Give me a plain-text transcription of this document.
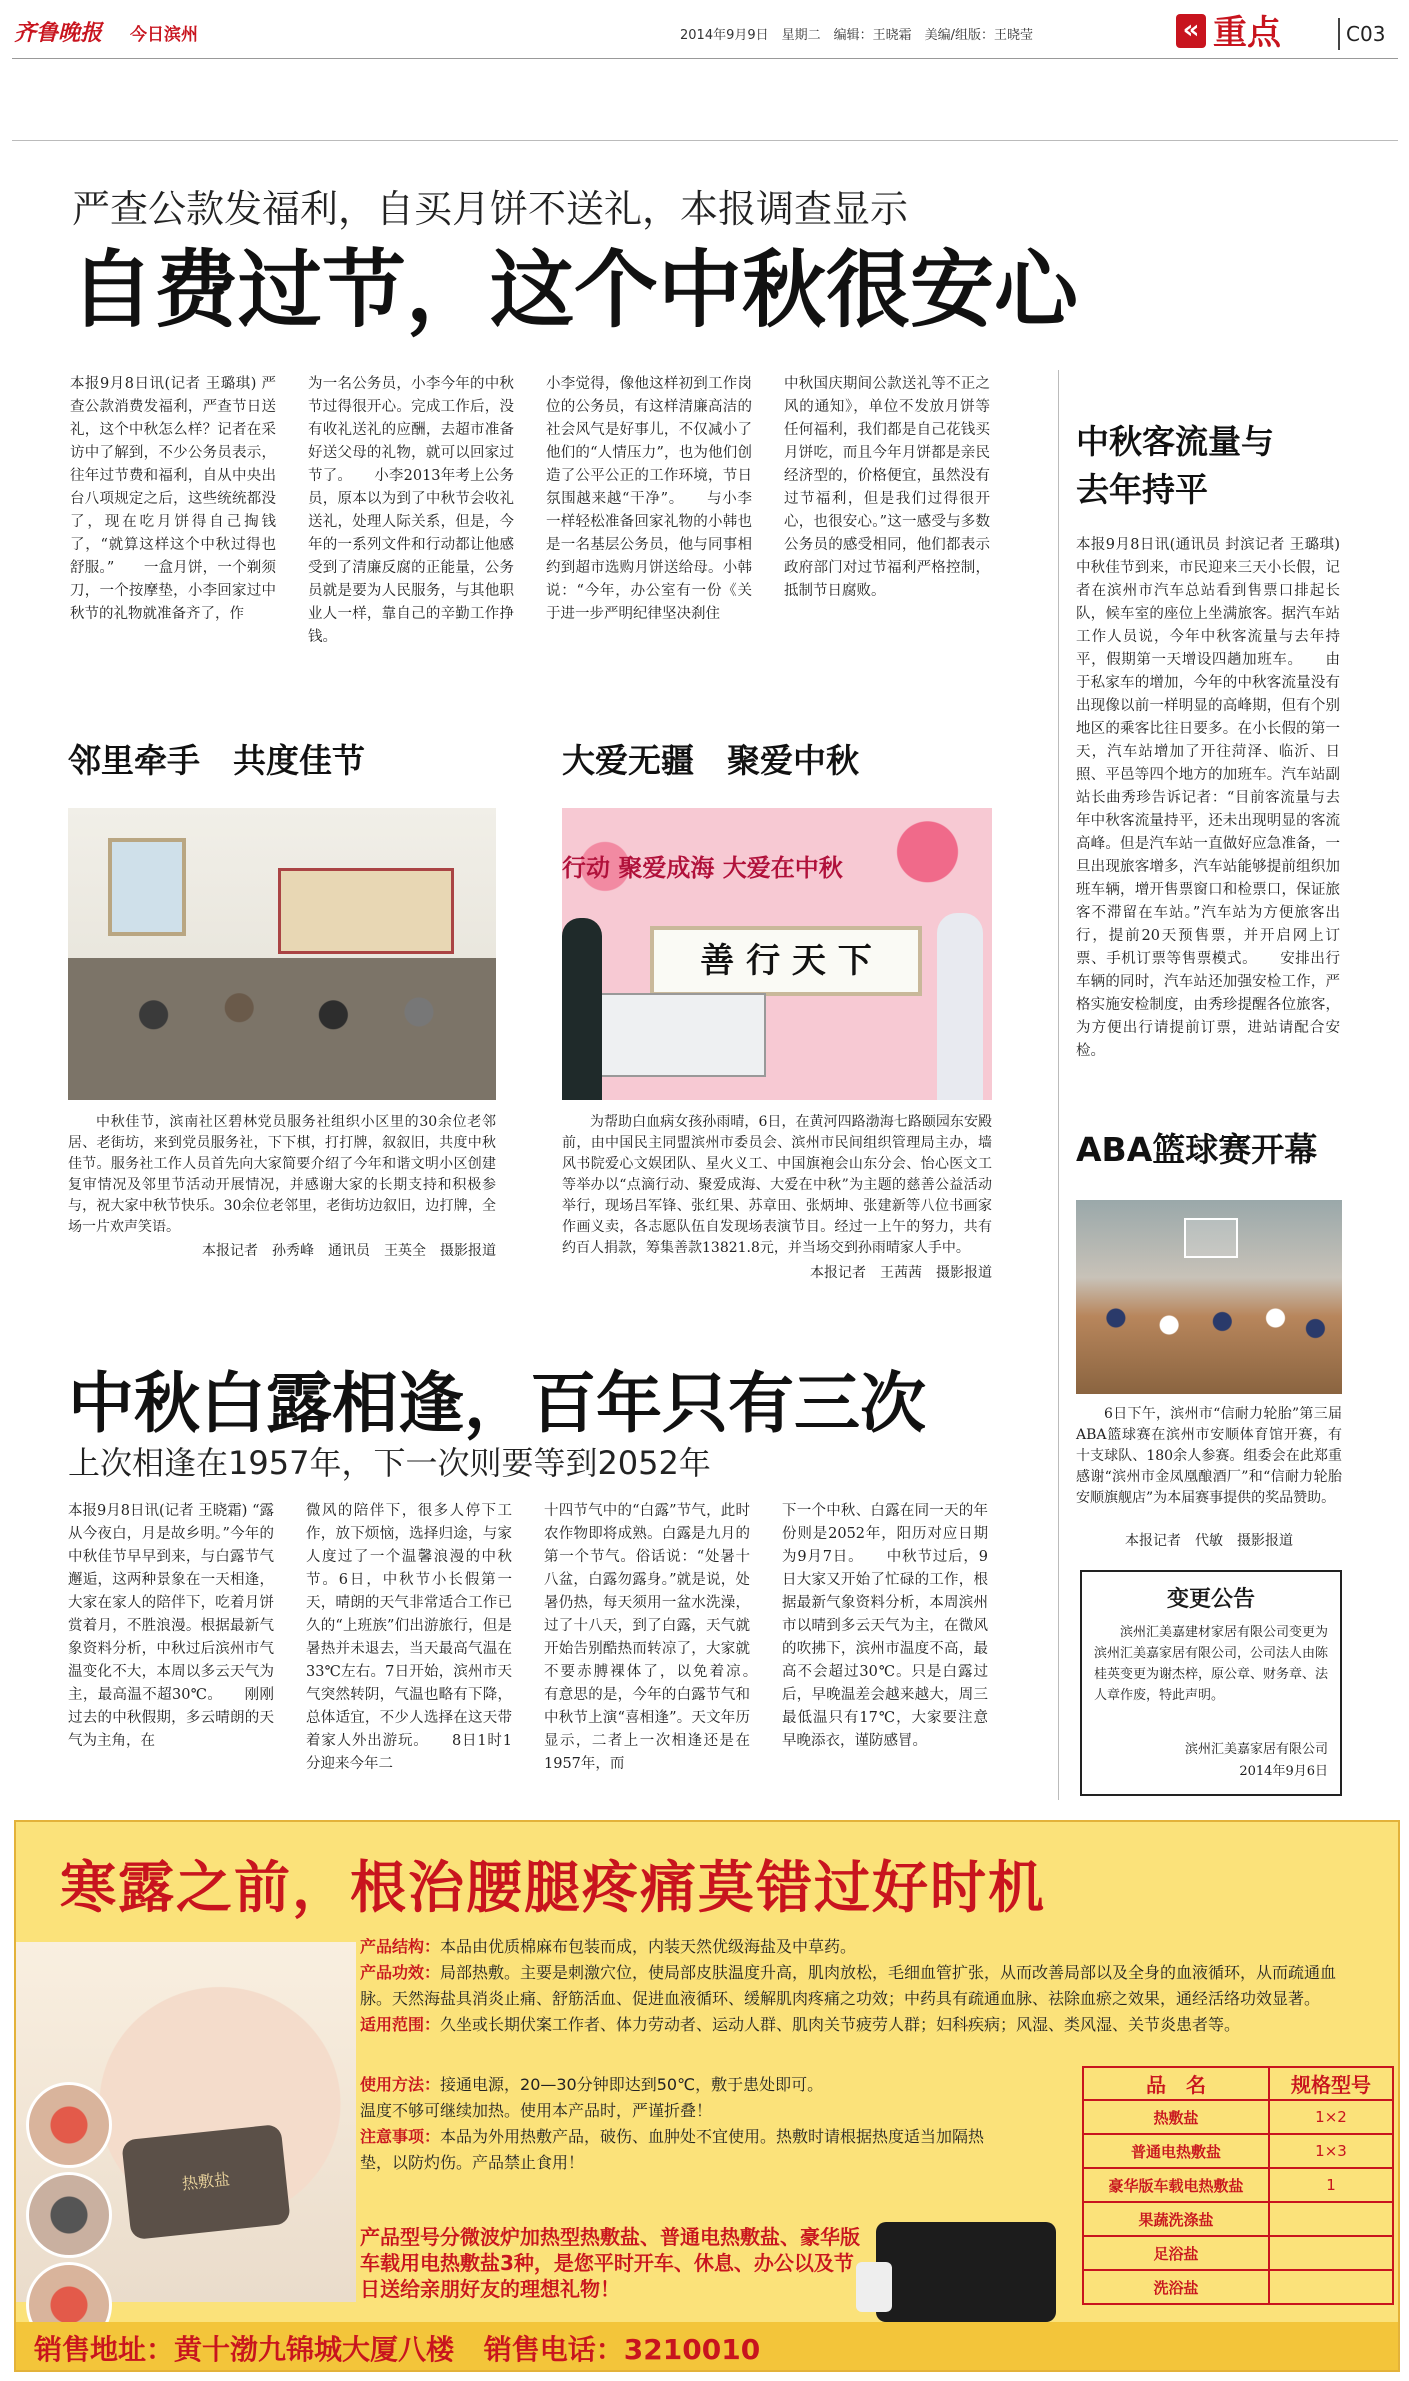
齐鲁晚报 今日滨州	2014年9月9日　星期二　编辑：王晓霜　美编/组版：王晓莹	« 重点	C03
严查公款发福利，自买月饼不送礼，本报调查显示
自费过节，这个中秋很安心
本报9月8日讯(记者 王璐琪) 严查公款消费发福利，严查节日送礼，这个中秋怎么样？记者在采访中了解到，不少公务员表示，往年过节费和福利，自从中央出台八项规定之后，这些统统都没了，现在吃月饼得自己掏钱了，“就算这样这个中秋过得也舒服。”　　一盒月饼，一个剃须刀，一个按摩垫，小李回家过中秋节的礼物就准备齐了，作
为一名公务员，小李今年的中秋节过得很开心。完成工作后，没有收礼送礼的应酬，去超市准备好送父母的礼物，就可以回家过节了。　　小李2013年考上公务员，原本以为到了中秋节会收礼送礼，处理人际关系，但是，今年的一系列文件和行动都让他感受到了清廉反腐的正能量，公务员就是要为人民服务，与其他职业人一样，靠自己的辛勤工作挣钱。
小李觉得，像他这样初到工作岗位的公务员，有这样清廉高洁的社会风气是好事儿，不仅减小了他们的“人情压力”，也为他们创造了公平公正的工作环境，节日氛围越来越“干净”。　　与小李一样轻松准备回家礼物的小韩也是一名基层公务员，他与同事相约到超市选购月饼送给母。小韩说：“今年，办公室有一份《关于进一步严明纪律坚决刹住
中秋国庆期间公款送礼等不正之风的通知》，单位不发放月饼等任何福利，我们都是自己花钱买月饼吃，而且今年月饼都是亲民经济型的，价格便宜，虽然没有过节福利，但是我们过得很开心，也很安心。”这一感受与多数公务员的感受相同，他们都表示政府部门对过节福利严格控制，抵制节日腐败。
中秋客流量与去年持平
本报9月8日讯(通讯员 封滨记者 王璐琪) 中秋佳节到来，市民迎来三天小长假，记者在滨州市汽车总站看到售票口排起长队，候车室的座位上坐满旅客。据汽车站工作人员说，今年中秋客流量与去年持平，假期第一天增设四趟加班车。　　由于私家车的增加，今年的中秋客流量没有出现像以前一样明显的高峰期，但有个别地区的乘客比往日要多。在小长假的第一天，汽车站增加了开往菏泽、临沂、日照、平邑等四个地方的加班车。汽车站副站长曲秀珍告诉记者：“目前客流量与去年中秋客流量持平，还未出现明显的客流高峰。但是汽车站一直做好应急准备，一旦出现旅客增多，汽车站能够提前组织加班车辆，增开售票窗口和检票口，保证旅客不滞留在车站。”汽车站为方便旅客出行，提前20天预售票，并开启网上订票、手机订票等售票模式。　　安排出行车辆的同时，汽车站还加强安检工作，严格实施安检制度，由秀珍提醒各位旅客，为方便出行请提前订票，进站请配合安检。
邻里牵手　共度佳节
中秋佳节，滨南社区碧林党员服务社组织小区里的30余位老邻居、老街坊，来到党员服务社，下下棋，打打牌，叙叙旧，共度中秋佳节。服务社工作人员首先向大家简要介绍了今年和谐文明小区创建复审情况及邻里节活动开展情况，并感谢大家的长期支持和积极参与，祝大家中秋节快乐。30余位老邻里，老街坊边叙旧，边打牌，全场一片欢声笑语。
本报记者　孙秀峰　通讯员　王英全　摄影报道
大爱无疆　聚爱中秋
行动 聚爱成海 大爱在中秋
善 行 天 下
为帮助白血病女孩孙雨晴，6日，在黄河四路渤海七路颐园东安殿前，由中国民主同盟滨州市委员会、滨州市民间组织管理局主办，墙风书院爱心文娱团队、星火义工、中国旗袍会山东分会、怡心医文工等举办以“点滴行动、聚爱成海、大爱在中秋”为主题的慈善公益活动举行，现场吕军锋、张红果、苏章田、张炳坤、张建新等八位书画家作画义卖，各志愿队伍自发现场表演节目。经过一上午的努力，共有约百人捐款，筹集善款13821.8元，并当场交到孙雨晴家人手中。
本报记者　王茜茜　摄影报道
ABA篮球赛开幕
6日下午，滨州市“信耐力轮胎”第三届ABA篮球赛在滨州市安顺体育馆开赛，有十支球队、180余人参赛。组委会在此郑重感谢“滨州市金凤凰酿酒厂”和“信耐力轮胎安顺旗舰店”为本届赛事提供的奖品赞助。
本报记者　代敏　摄影报道
中秋白露相逢，百年只有三次
上次相逢在1957年，下一次则要等到2052年
本报9月8日讯(记者 王晓霜) “露从今夜白，月是故乡明。”今年的中秋佳节早早到来，与白露节气邂逅，这两种景象在一天相逢，大家在家人的陪伴下，吃着月饼赏着月，不胜浪漫。根据最新气象资料分析，中秋过后滨州市气温变化不大，本周以多云天气为主，最高温不超30℃。　　刚刚过去的中秋假期，多云晴朗的天气为主角，在
微风的陪伴下，很多人停下工作，放下烦恼，选择归途，与家人度过了一个温馨浪漫的中秋节。6日，中秋节小长假第一天，晴朗的天气非常适合工作已久的“上班族”们出游旅行，但是暑热并未退去，当天最高气温在33℃左右。7日开始，滨州市天气突然转阴，气温也略有下降，总体适宜，不少人选择在这天带着家人外出游玩。　　8日1时1分迎来今年二
十四节气中的“白露”节气，此时农作物即将成熟。白露是九月的第一个节气。俗话说：“处暑十八盆，白露勿露身。”就是说，处暑仍热，每天须用一盆水洗澡，过了十八天，到了白露，天气就开始告别酷热而转凉了，大家就不要赤膊裸体了，以免着凉。　　有意思的是，今年的白露节气和中秋节上演“喜相逢”。天文年历显示，二者上一次相逢还是在1957年，而
下一个中秋、白露在同一天的年份则是2052年，阳历对应日期为9月7日。　　中秋节过后，9日大家又开始了忙碌的工作，根据最新气象资料分析，本周滨州市以晴到多云天气为主，在微风的吹拂下，滨州市温度不高，最高不会超过30℃。只是白露过后，早晚温差会越来越大，周三最低温只有17℃，大家要注意早晚添衣，谨防感冒。
变更公告
滨州汇美嘉建材家居有限公司变更为滨州汇美嘉家居有限公司，公司法人由陈桂英变更为谢杰梓，原公章、财务章、法人章作废，特此声明。
滨州汇美嘉家居有限公司
2014年9月6日
寒露之前，根治腰腿疼痛莫错过好时机
热敷盐
产品结构：本品由优质棉麻布包装而成，内装天然优级海盐及中草药。
产品功效：局部热敷。主要是刺激穴位，使局部皮肤温度升高，肌肉放松，毛细血管扩张，从而改善局部以及全身的血液循环，从而疏通血脉。天然海盐具消炎止痛、舒筋活血、促进血液循环、缓解肌肉疼痛之功效；中药具有疏通血脉、祛除血瘀之效果，通经活络功效显著。
适用范围：久坐或长期伏案工作者、体力劳动者、运动人群、肌肉关节疲劳人群；妇科疾病；风湿、类风湿、关节炎患者等。
使用方法：接通电源，20—30分钟即达到50℃，敷于患处即可。
温度不够可继续加热。使用本产品时，严谨折叠！
注意事项：本品为外用热敷产品，破伤、血肿处不宜使用。热敷时请根据热度适当加隔热垫，以防灼伤。产品禁止食用！
产品型号分微波炉加热型热敷盐、普通电热敷盐、豪华版车载用电热敷盐3种，是您平时开车、休息、办公以及节日送给亲朋好友的理想礼物！
销售地址：黄十渤九锦城大厦八楼 销售电话：3210010
品　名	规格型号
热敷盐	1×2
普通电热敷盐	1×3
豪华版车载电热敷盐	1
果蔬洗涤盐	
足浴盐	
洗浴盐	
